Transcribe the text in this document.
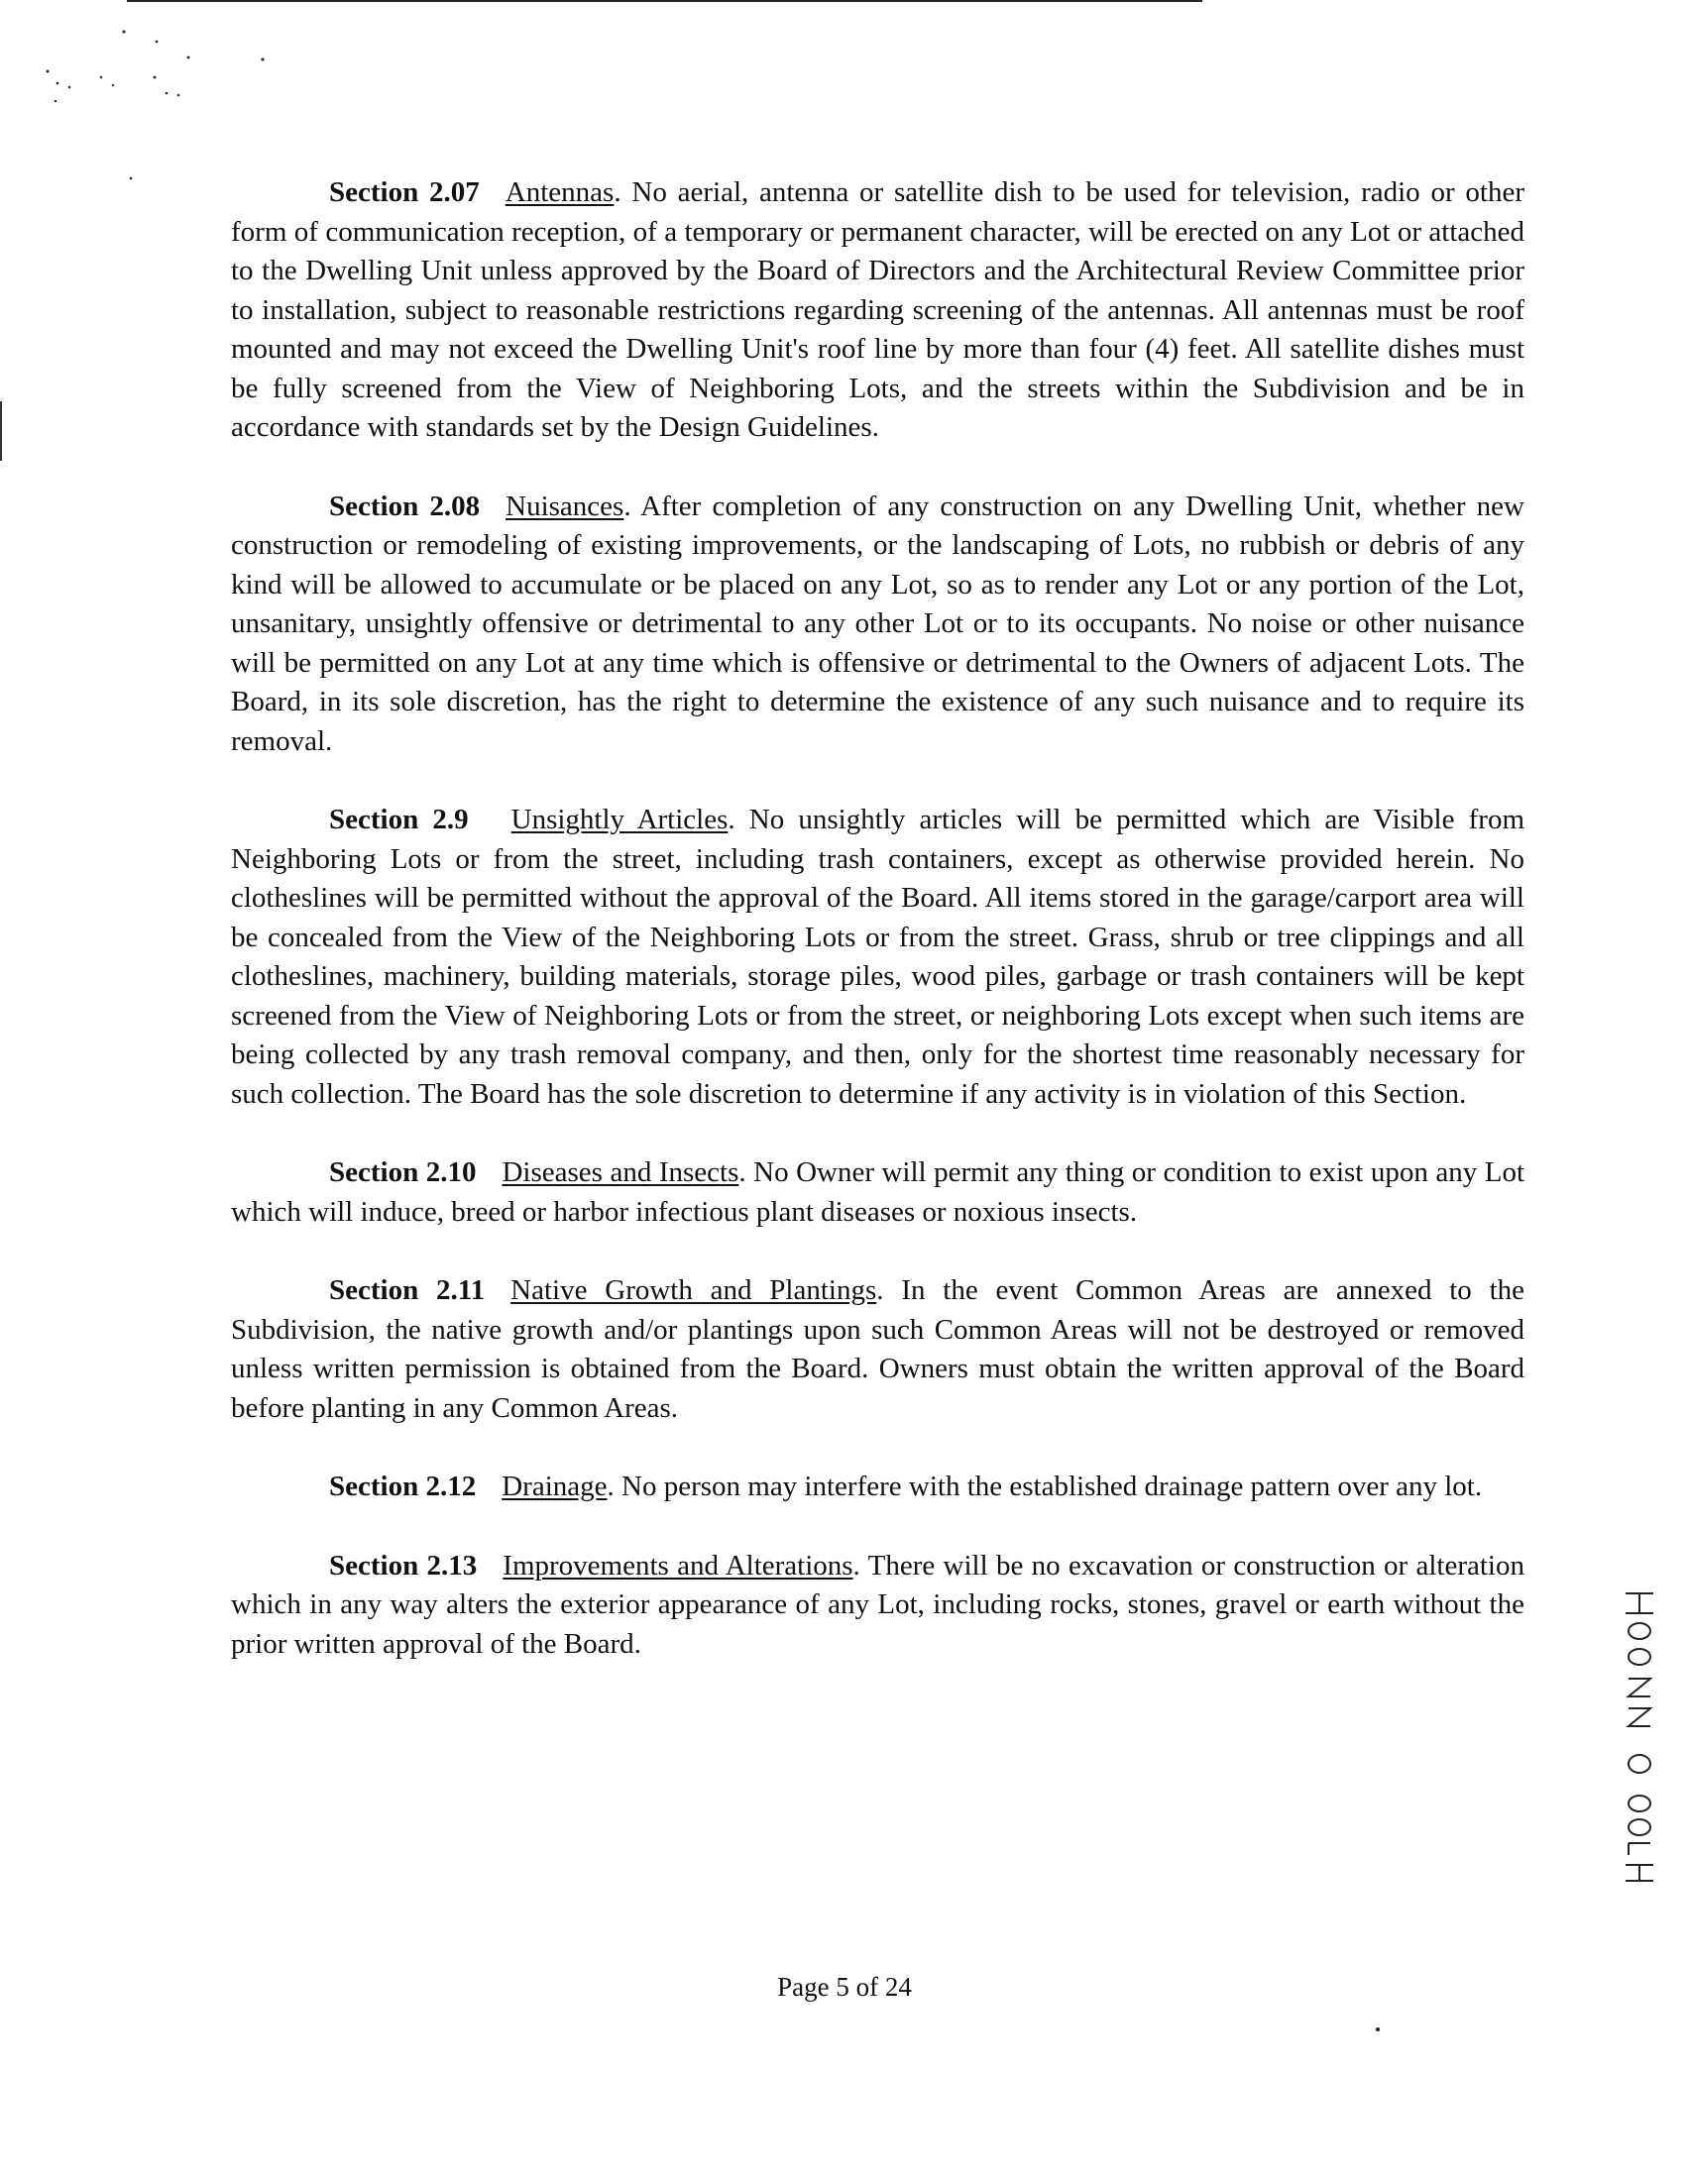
Section 2.07 Antennas. No aerial, antenna or satellite dish to be used for television, radio or other form of communication reception, of a temporary or permanent character, will be erected on any Lot or attached to the Dwelling Unit unless approved by the Board of Directors and the Architectural Review Committee prior to installation, subject to reasonable restrictions regarding screening of the antennas. All antennas must be roof mounted and may not exceed the Dwelling Unit's roof line by more than four (4) feet. All satellite dishes must be fully screened from the View of Neighboring Lots, and the streets within the Subdivision and be in accordance with standards set by the Design Guidelines.

Section 2.08 Nuisances. After completion of any construction on any Dwelling Unit, whether new construction or remodeling of existing improvements, or the landscaping of Lots, no rubbish or debris of any kind will be allowed to accumulate or be placed on any Lot, so as to render any Lot or any portion of the Lot, unsanitary, unsightly offensive or detrimental to any other Lot or to its occupants. No noise or other nuisance will be permitted on any Lot at any time which is offensive or detrimental to the Owners of adjacent Lots. The Board, in its sole discretion, has the right to determine the existence of any such nuisance and to require its removal.

Section 2.9 Unsightly Articles. No unsightly articles will be permitted which are Visible from Neighboring Lots or from the street, including trash containers, except as otherwise provided herein. No clotheslines will be permitted without the approval of the Board. All items stored in the garage/carport area will be concealed from the View of the Neighboring Lots or from the street. Grass, shrub or tree clippings and all clotheslines, machinery, building materials, storage piles, wood piles, garbage or trash containers will be kept screened from the View of Neighboring Lots or from the street, or neighboring Lots except when such items are being collected by any trash removal company, and then, only for the shortest time reasonably necessary for such collection. The Board has the sole discretion to determine if any activity is in violation of this Section.

Section 2.10 Diseases and Insects. No Owner will permit any thing or condition to exist upon any Lot which will induce, breed or harbor infectious plant diseases or noxious insects.

Section 2.11 Native Growth and Plantings. In the event Common Areas are annexed to the Subdivision, the native growth and/or plantings upon such Common Areas will not be destroyed or removed unless written permission is obtained from the Board. Owners must obtain the written approval of the Board before planting in any Common Areas.

Section 2.12 Drainage. No person may interfere with the established drainage pattern over any lot.

Section 2.13 Improvements and Alterations. There will be no excavation or construction or alteration which in any way alters the exterior appearance of any Lot, including rocks, stones, gravel or earth without the prior written approval of the Board.

Page 5 of 24
